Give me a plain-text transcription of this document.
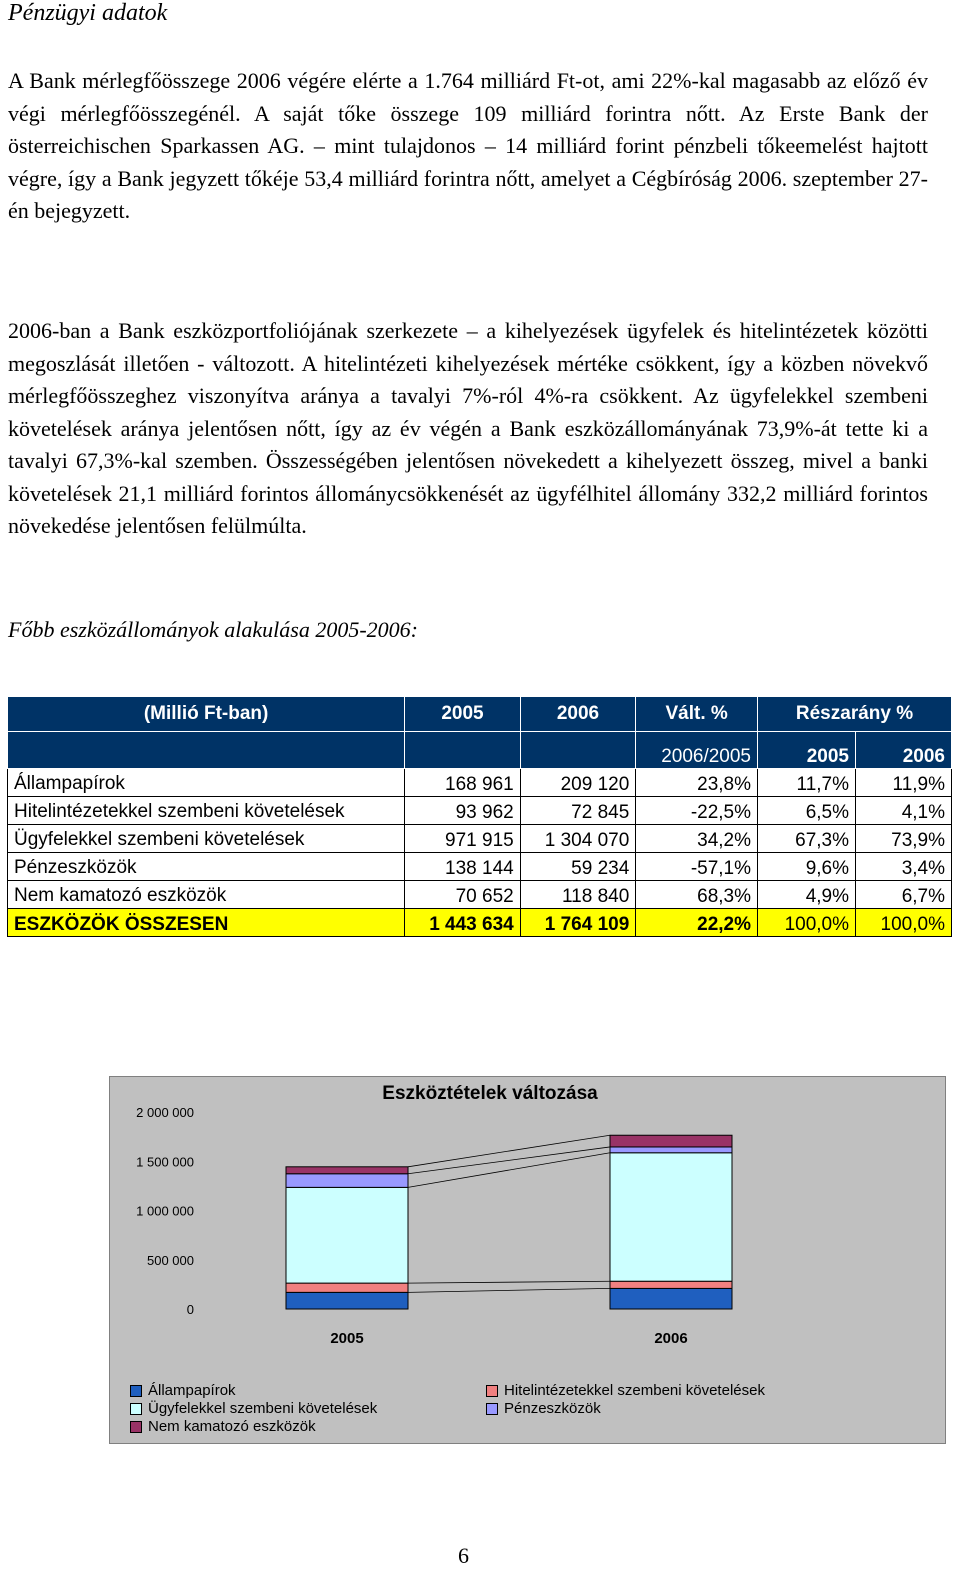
Pénzügyi adatok

A Bank mérlegfőösszege 2006 végére elérte a 1.764 milliárd Ft-ot, ami 22%-kal magasabb az előző év végi mérlegfőösszegénél. A saját tőke összege 109 milliárd forintra nőtt. Az Erste Bank der österreichischen Sparkassen AG. – mint tulajdonos – 14 milliárd forint pénzbeli tőkeemelést hajtott végre, így a Bank jegyzett tőkéje 53,4 milliárd forintra nőtt, amelyet a Cégbíróság 2006. szeptember 27-én bejegyzett.

2006-ban a Bank eszközportfoliójának szerkezete – a kihelyezések ügyfelek és hitelintézetek közötti megoszlását illetően - változott. A hitelintézeti kihelyezések mértéke csökkent, így a közben növekvő mérlegfőösszeghez viszonyítva aránya a tavalyi 7%-ról 4%-ra csökkent. Az ügyfelekkel szembeni követelések aránya jelentősen nőtt, így az év végén a Bank eszközállományának 73,9%-át tette ki a tavalyi 67,3%-kal szemben. Összességében jelentősen növekedett a kihelyezett összeg, mivel a banki követelések 21,1 milliárd forintos állománycsökkenését az ügyfélhitel állomány 332,2 milliárd forintos növekedése jelentősen felülmúlta.

Főbb eszközállományok alakulása 2005-2006:
(Millió Ft-ban)	2005	2006	Vált. %	Részarány %	
			2006/2005	2005	2006
Állampapírok	168 961	209 120	23,8%	11,7%	11,9%
Hitelintézetekkel szembeni követelések	93 962	72 845	-22,5%	6,5%	4,1%
Ügyfelekkel szembeni követelések	971 915	1 304 070	34,2%	67,3%	73,9%
Pénzeszközök	138 144	59 234	-57,1%	9,6%	3,4%
Nem kamatozó eszközök	70 652	118 840	68,3%	4,9%	6,7%
ESZKÖZÖK ÖSSZESEN	1 443 634	1 764 109	22,2%	100,0%	100,0%
Eszköztételek változása
0
500 000
1 000 000
1 500 000
2 000 000
2005	2006
Állampapírok	Hitelintézetekkel szembeni követelések
Ügyfelekkel szembeni követelések	Pénzeszközök
Nem kamatozó eszközök
6
